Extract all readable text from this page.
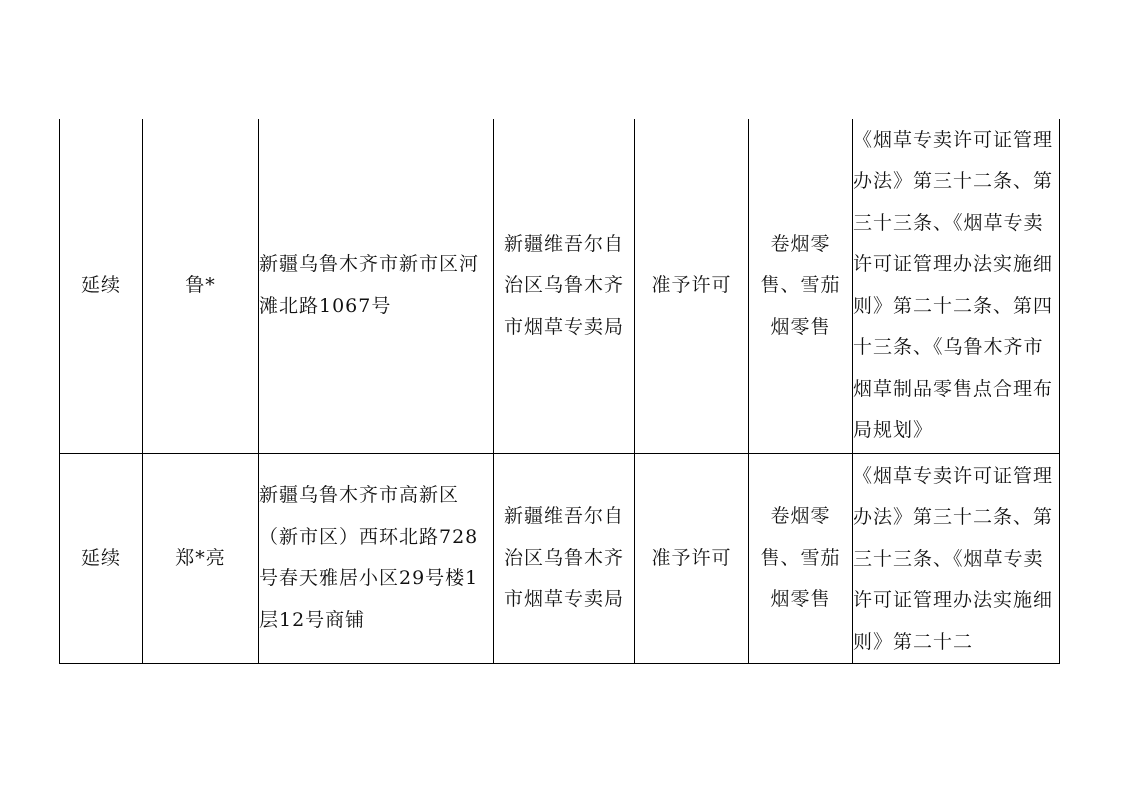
延续	鲁*	新疆乌鲁木齐市新市区河滩北路1067号	新疆维吾尔自治区乌鲁木齐市烟草专卖局	准予许可	卷烟零售、雪茄烟零售	《烟草专卖许可证管理办法》第三十二条、第三十三条、《烟草专卖许可证管理办法实施细则》第二十二条、第四十三条、《乌鲁木齐市烟草制品零售点合理布局规划》
延续	郑*亮	新疆乌鲁木齐市高新区（新市区）西环北路728号春天雅居小区29号楼1层12号商铺	新疆维吾尔自治区乌鲁木齐市烟草专卖局	准予许可	卷烟零售、雪茄烟零售	《烟草专卖许可证管理办法》第三十二条、第三十三条、《烟草专卖许可证管理办法实施细则》第二十二
